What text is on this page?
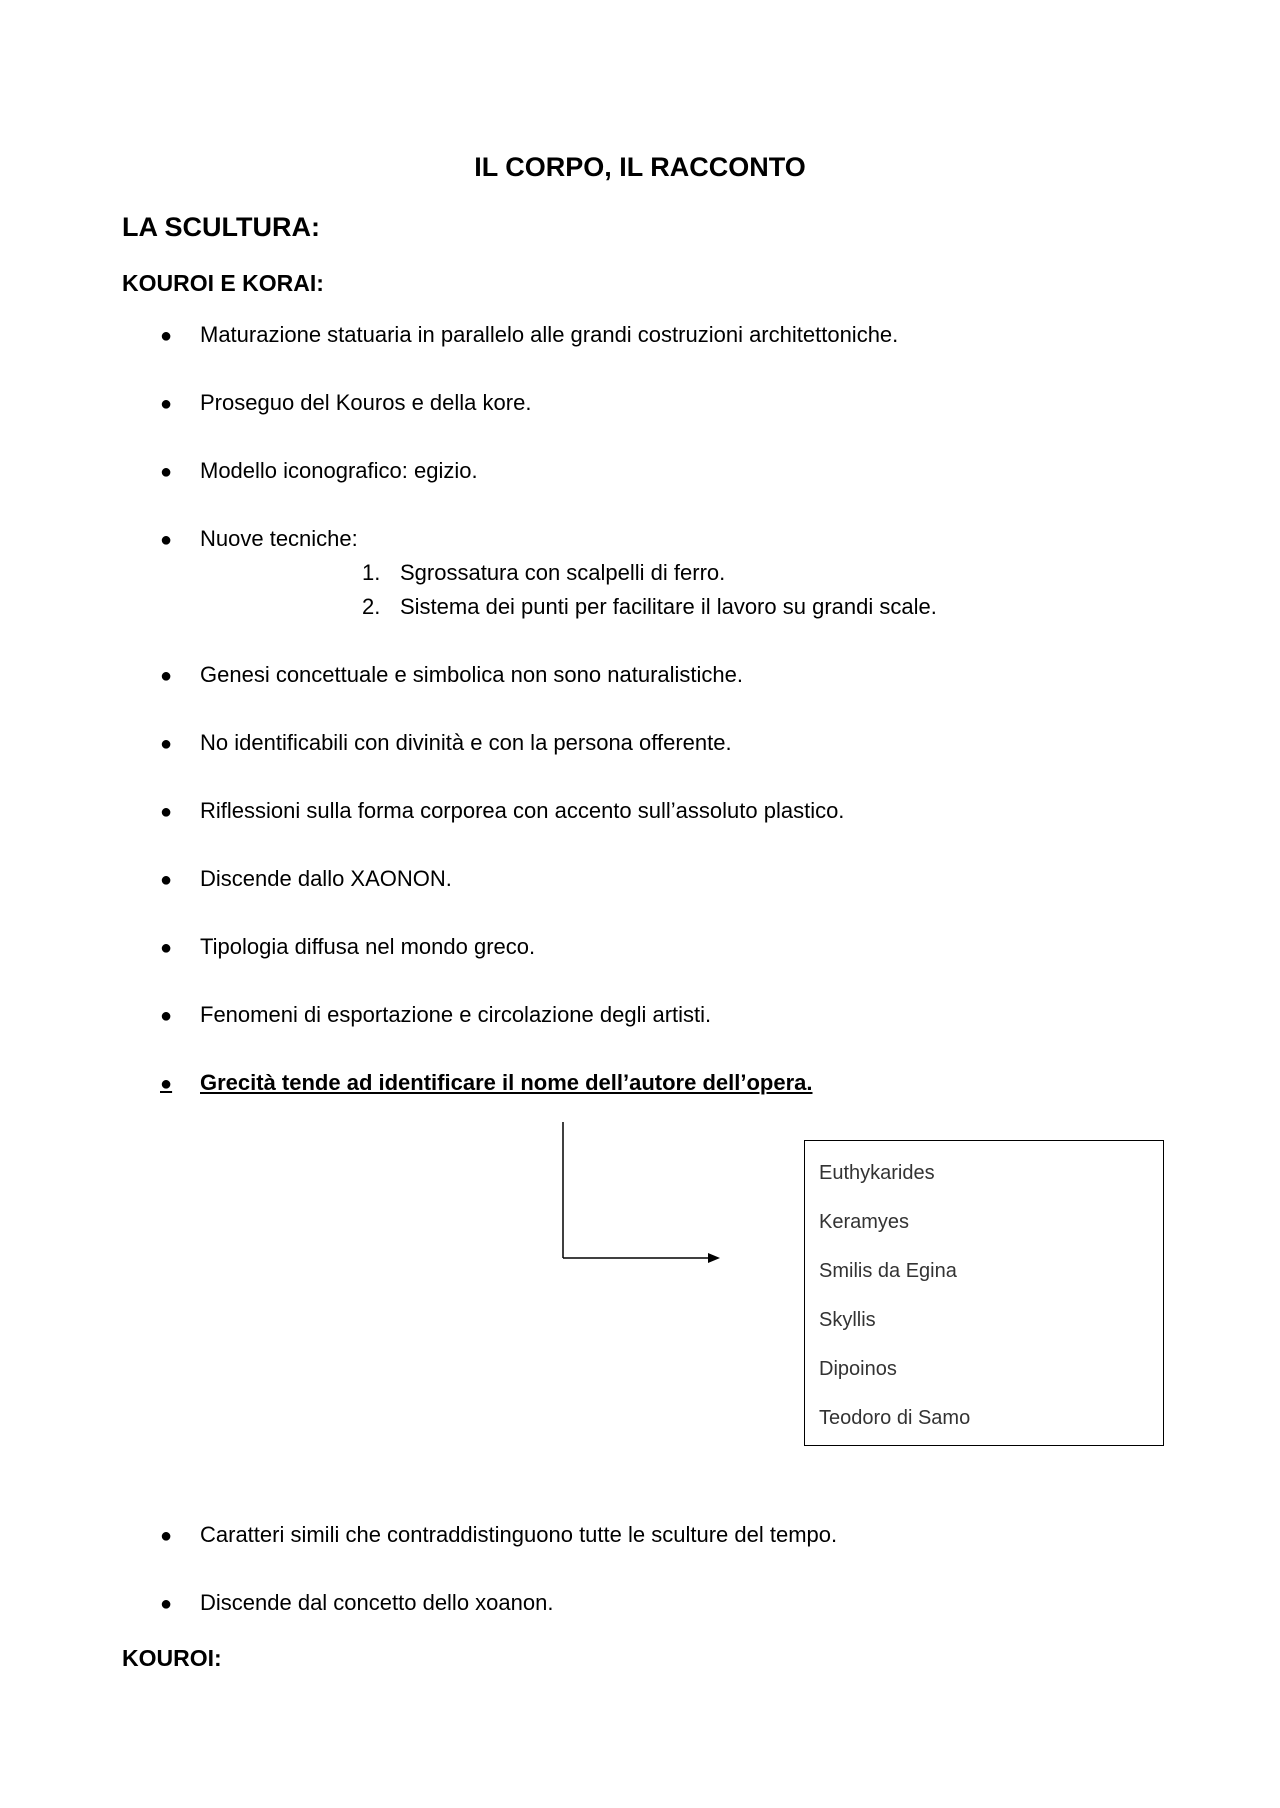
IL CORPO, IL RACCONTO
LA SCULTURA:
KOUROI E KORAI:
●	Maturazione statuaria in parallelo alle grandi costruzioni architettoniche.
●	Proseguo del Kouros e della kore.
●	Modello iconografico: egizio.
●	Nuove tecniche:
1. Sgrossatura con scalpelli di ferro.
2. Sistema dei punti per facilitare il lavoro su grandi scale.
●	Genesi concettuale e simbolica non sono naturalistiche.
●	No identificabili con divinità e con la persona offerente.
●	Riflessioni sulla forma corporea con accento sull’assoluto plastico.
●	Discende dallo XAONON.
●	Tipologia diffusa nel mondo greco.
●	Fenomeni di esportazione e circolazione degli artisti.
●	Grecità tende ad identificare il nome dell’autore dell’opera.
Euthykarides
Keramyes
Smilis da Egina
Skyllis
Dipoinos
Teodoro di Samo
●	Caratteri simili che contraddistinguono tutte le sculture del tempo.
●	Discende dal concetto dello xoanon.
KOUROI:
